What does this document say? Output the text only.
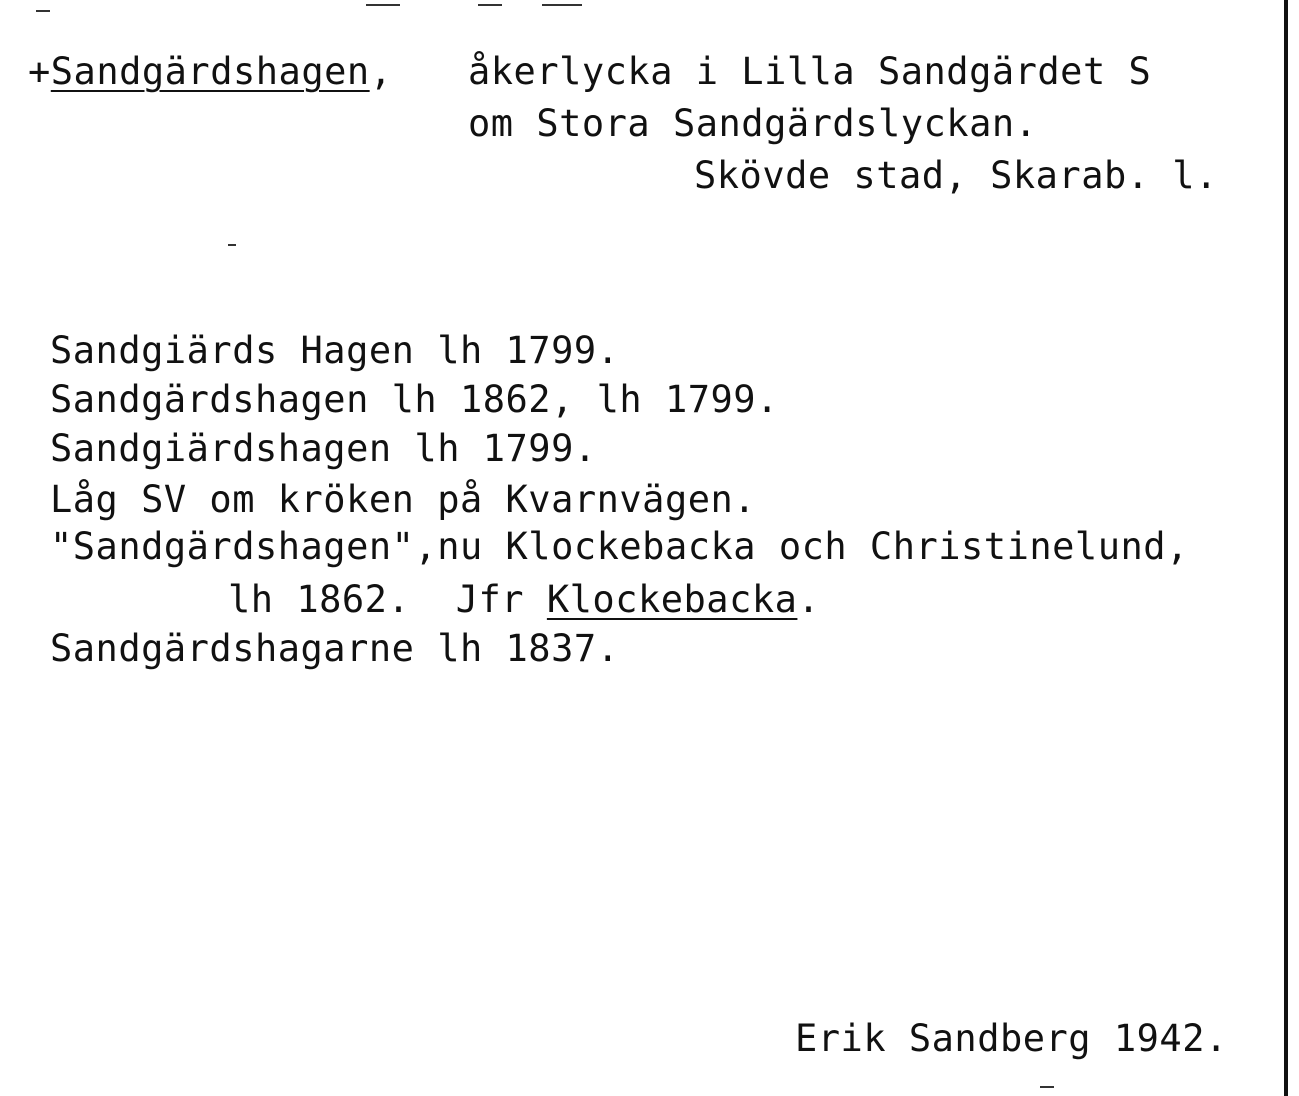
+Sandgärdshagen, åkerlycka i Lilla Sandgärdet S
om Stora Sandgärdslyckan.
Skövde stad, Skarab. l.
Sandgiärds Hagen lh 1799.
Sandgärdshagen lh 1862, lh 1799.
Sandgiärdshagen lh 1799.
Låg SV om kröken på Kvarnvägen.
"Sandgärdshagen",nu Klockebacka och Christinelund,
lh 1862.  Jfr Klockebacka.
Sandgärdshagarne lh 1837.
Erik Sandberg 1942.
